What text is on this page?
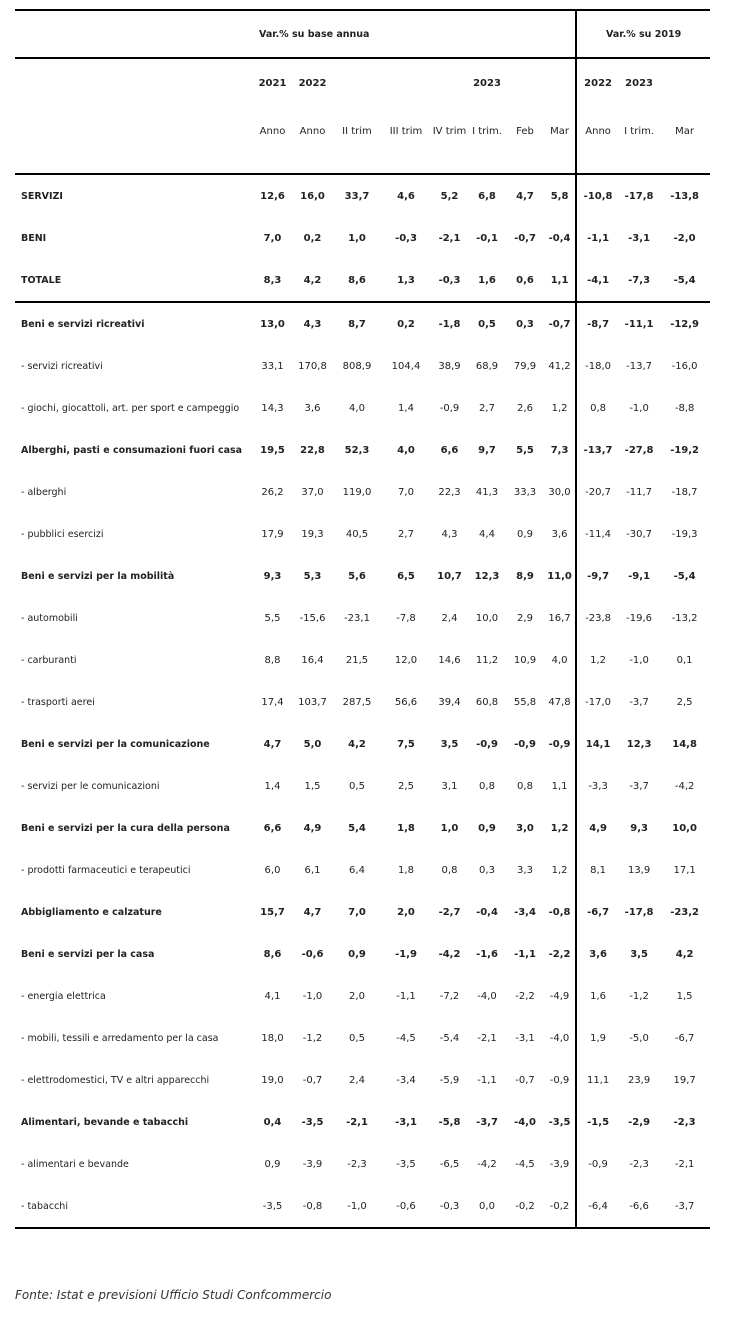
	Var.% su base annua								Var.% su 2019		
	2021	2022				2023			2022	2023	
	Anno	Anno	II trim	III trim	IV trim	I trim.	Feb	Mar	Anno	I trim.	Mar
SERVIZI	12,6	16,0	33,7	4,6	5,2	6,8	4,7	5,8	-10,8	-17,8	-13,8
BENI	7,0	0,2	1,0	-0,3	-2,1	-0,1	-0,7	-0,4	-1,1	-3,1	-2,0
TOTALE	8,3	4,2	8,6	1,3	-0,3	1,6	0,6	1,1	-4,1	-7,3	-5,4
Beni e servizi ricreativi	13,0	4,3	8,7	0,2	-1,8	0,5	0,3	-0,7	-8,7	-11,1	-12,9
- servizi ricreativi	33,1	170,8	808,9	104,4	38,9	68,9	79,9	41,2	-18,0	-13,7	-16,0
- giochi, giocattoli, art. per sport e campeggio	14,3	3,6	4,0	1,4	-0,9	2,7	2,6	1,2	0,8	-1,0	-8,8
Alberghi, pasti e consumazioni fuori casa	19,5	22,8	52,3	4,0	6,6	9,7	5,5	7,3	-13,7	-27,8	-19,2
- alberghi	26,2	37,0	119,0	7,0	22,3	41,3	33,3	30,0	-20,7	-11,7	-18,7
- pubblici esercizi	17,9	19,3	40,5	2,7	4,3	4,4	0,9	3,6	-11,4	-30,7	-19,3
Beni e servizi per la mobilità	9,3	5,3	5,6	6,5	10,7	12,3	8,9	11,0	-9,7	-9,1	-5,4
- automobili	5,5	-15,6	-23,1	-7,8	2,4	10,0	2,9	16,7	-23,8	-19,6	-13,2
- carburanti	8,8	16,4	21,5	12,0	14,6	11,2	10,9	4,0	1,2	-1,0	0,1
- trasporti aerei	17,4	103,7	287,5	56,6	39,4	60,8	55,8	47,8	-17,0	-3,7	2,5
Beni e servizi per la comunicazione	4,7	5,0	4,2	7,5	3,5	-0,9	-0,9	-0,9	14,1	12,3	14,8
- servizi per le comunicazioni	1,4	1,5	0,5	2,5	3,1	0,8	0,8	1,1	-3,3	-3,7	-4,2
Beni e servizi per la cura della persona	6,6	4,9	5,4	1,8	1,0	0,9	3,0	1,2	4,9	9,3	10,0
- prodotti farmaceutici e terapeutici	6,0	6,1	6,4	1,8	0,8	0,3	3,3	1,2	8,1	13,9	17,1
Abbigliamento e calzature	15,7	4,7	7,0	2,0	-2,7	-0,4	-3,4	-0,8	-6,7	-17,8	-23,2
Beni e servizi per la casa	8,6	-0,6	0,9	-1,9	-4,2	-1,6	-1,1	-2,2	3,6	3,5	4,2
- energia elettrica	4,1	-1,0	2,0	-1,1	-7,2	-4,0	-2,2	-4,9	1,6	-1,2	1,5
- mobili, tessili e arredamento per la casa	18,0	-1,2	0,5	-4,5	-5,4	-2,1	-3,1	-4,0	1,9	-5,0	-6,7
- elettrodomestici, TV e altri apparecchi	19,0	-0,7	2,4	-3,4	-5,9	-1,1	-0,7	-0,9	11,1	23,9	19,7
Alimentari, bevande e tabacchi	0,4	-3,5	-2,1	-3,1	-5,8	-3,7	-4,0	-3,5	-1,5	-2,9	-2,3
- alimentari e bevande	0,9	-3,9	-2,3	-3,5	-6,5	-4,2	-4,5	-3,9	-0,9	-2,3	-2,1
- tabacchi	-3,5	-0,8	-1,0	-0,6	-0,3	0,0	-0,2	-0,2	-6,4	-6,6	-3,7
Fonte: Istat e previsioni Ufficio Studi Confcommercio
